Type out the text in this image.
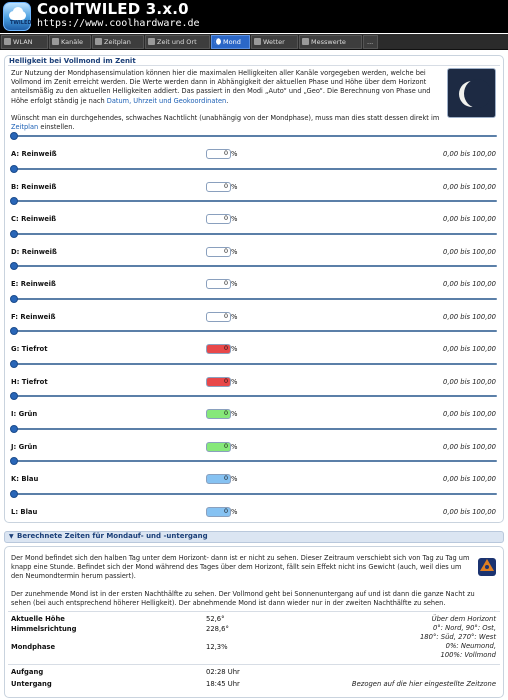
TWILED
CoolTWILED 3.x.0
https://www.coolhardware.de
WLAN	Kanäle	Zeitplan	Zeit und Ort	Mond	Wetter	Messwerte	...
Helligkeit bei Vollmond im Zenit
Zur Nutzung der Mondphasensimulation können hier die maximalen Helligkeiten aller Kanäle vorgegeben werden, welche bei Vollmond im Zenit erreicht werden. Die Werte werden dann in Abhängigkeit der aktuellen Phase und Höhe über dem Horizont anteilsmäßig zu den aktuellen Helligkeiten addiert. Das passiert in den Modi „Auto“ und „Geo“. Die Berechnung von Phase und Höhe erfolgt ständig je nach Datum, Uhrzeit und Geokoordinaten.
Wünscht man ein durchgehendes, schwaches Nachtlicht (unabhängig von der Mondphase), muss man dies statt dessen direkt im Zeitplan einstellen.
A: Reinweiß	0 %	0,00 bis 100,00
B: Reinweiß	0 %	0,00 bis 100,00
C: Reinweiß	0 %	0,00 bis 100,00
D: Reinweiß	0 %	0,00 bis 100,00
E: Reinweiß	0 %	0,00 bis 100,00
F: Reinweiß	0 %	0,00 bis 100,00
G: Tiefrot	0 %	0,00 bis 100,00
H: Tiefrot	0 %	0,00 bis 100,00
I: Grün	0 %	0,00 bis 100,00
J: Grün	0 %	0,00 bis 100,00
K: Blau	0 %	0,00 bis 100,00
L: Blau	0 %	0,00 bis 100,00
▼ Berechnete Zeiten für Mondauf- und -untergang
Der Mond befindet sich den halben Tag unter dem Horizont- dann ist er nicht zu sehen. Dieser Zeitraum verschiebt sich von Tag zu Tag um knapp eine Stunde. Befindet sich der Mond während des Tages über dem Horizont, fällt sein Effekt nicht ins Gewicht (auch, weil dies um den Neumondtermin herum passiert).
Der zunehmende Mond ist in der ersten Nachthälfte zu sehen. Der Vollmond geht bei Sonnenuntergang auf und ist dann die ganze Nacht zu sehen (bei auch entsprechend höherer Helligkeit). Der abnehmende Mond ist dann wieder nur in der zweiten Nachthälfte zu sehen.
Aktuelle Höhe	52,6°	Über dem Horizont
Himmelsrichtung	228,6°	0°: Nord, 90°: Ost,
180°: Süd, 270°: West
Mondphase	12,3%	0%: Neumond,
100%: Vollmond
Aufgang	02:28 Uhr
Untergang	18:45 Uhr	Bezogen auf die hier eingestellte Zeitzone
